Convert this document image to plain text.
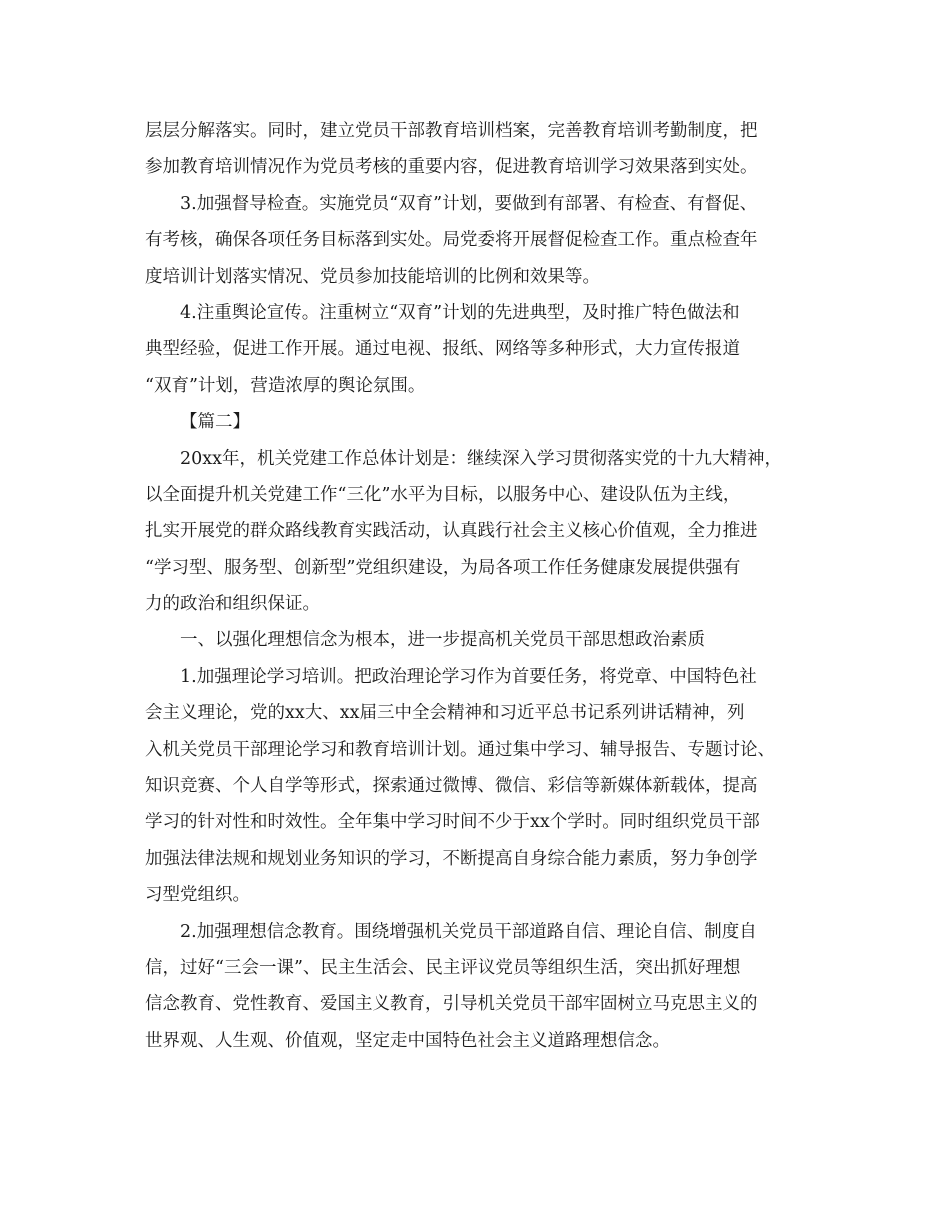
层层分解落实。同时，建立党员干部教育培训档案，完善教育培训考勤制度，把
参加教育培训情况作为党员考核的重要内容，促进教育培训学习效果落到实处。
3.加强督导检查。实施党员“双育”计划，要做到有部署、有检查、有督促、
有考核，确保各项任务目标落到实处。局党委将开展督促检查工作。重点检查年
度培训计划落实情况、党员参加技能培训的比例和效果等。
4.注重舆论宣传。注重树立“双育”计划的先进典型，及时推广特色做法和
典型经验，促进工作开展。通过电视、报纸、网络等多种形式，大力宣传报道
“双育”计划，营造浓厚的舆论氛围。
【篇二】
20xx年，机关党建工作总体计划是：继续深入学习贯彻落实党的十九大精神，
以全面提升机关党建工作“三化”水平为目标，以服务中心、建设队伍为主线，
扎实开展党的群众路线教育实践活动，认真践行社会主义核心价值观，全力推进
“学习型、服务型、创新型”党组织建设，为局各项工作任务健康发展提供强有
力的政治和组织保证。
一、以强化理想信念为根本，进一步提高机关党员干部思想政治素质
1.加强理论学习培训。把政治理论学习作为首要任务，将党章、中国特色社
会主义理论，党的xx大、xx届三中全会精神和习近平总书记系列讲话精神，列
入机关党员干部理论学习和教育培训计划。通过集中学习、辅导报告、专题讨论、
知识竞赛、个人自学等形式，探索通过微博、微信、彩信等新媒体新载体，提高
学习的针对性和时效性。全年集中学习时间不少于xx个学时。同时组织党员干部
加强法律法规和规划业务知识的学习，不断提高自身综合能力素质，努力争创学
习型党组织。
2.加强理想信念教育。围绕增强机关党员干部道路自信、理论自信、制度自
信，过好“三会一课”、民主生活会、民主评议党员等组织生活，突出抓好理想
信念教育、党性教育、爱国主义教育，引导机关党员干部牢固树立马克思主义的
世界观、人生观、价值观，坚定走中国特色社会主义道路理想信念。
